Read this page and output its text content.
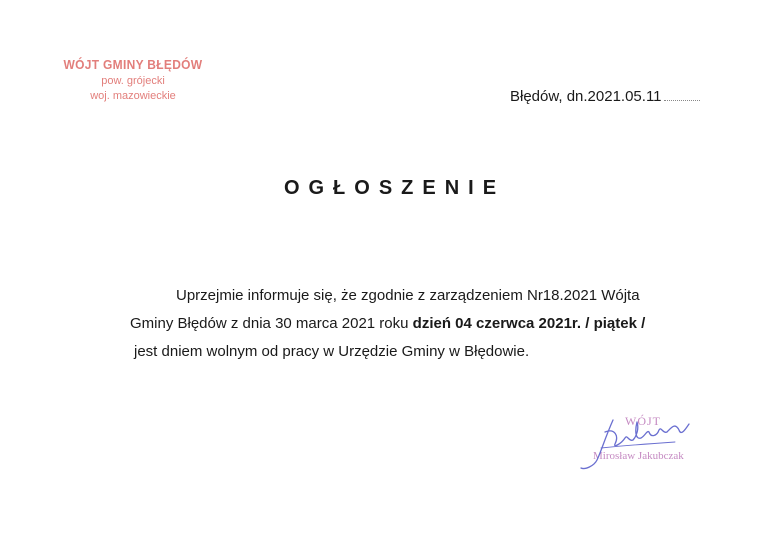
WÓJT GMINY BŁĘDÓW
pow. grójecki
woj. mazowieckie	Błędów, dn.2021.05.11
OGŁOSZENIE
Uprzejmie informuje się, że zgodnie z zarządzeniem Nr18.2021 Wójta
Gminy Błędów z dnia 30 marca 2021 roku dzień 04 czerwca 2021r. / piątek /
jest dniem wolnym od pracy w Urzędzie Gminy w Błędowie.
WÓJT
Mirosław Jakubczak
